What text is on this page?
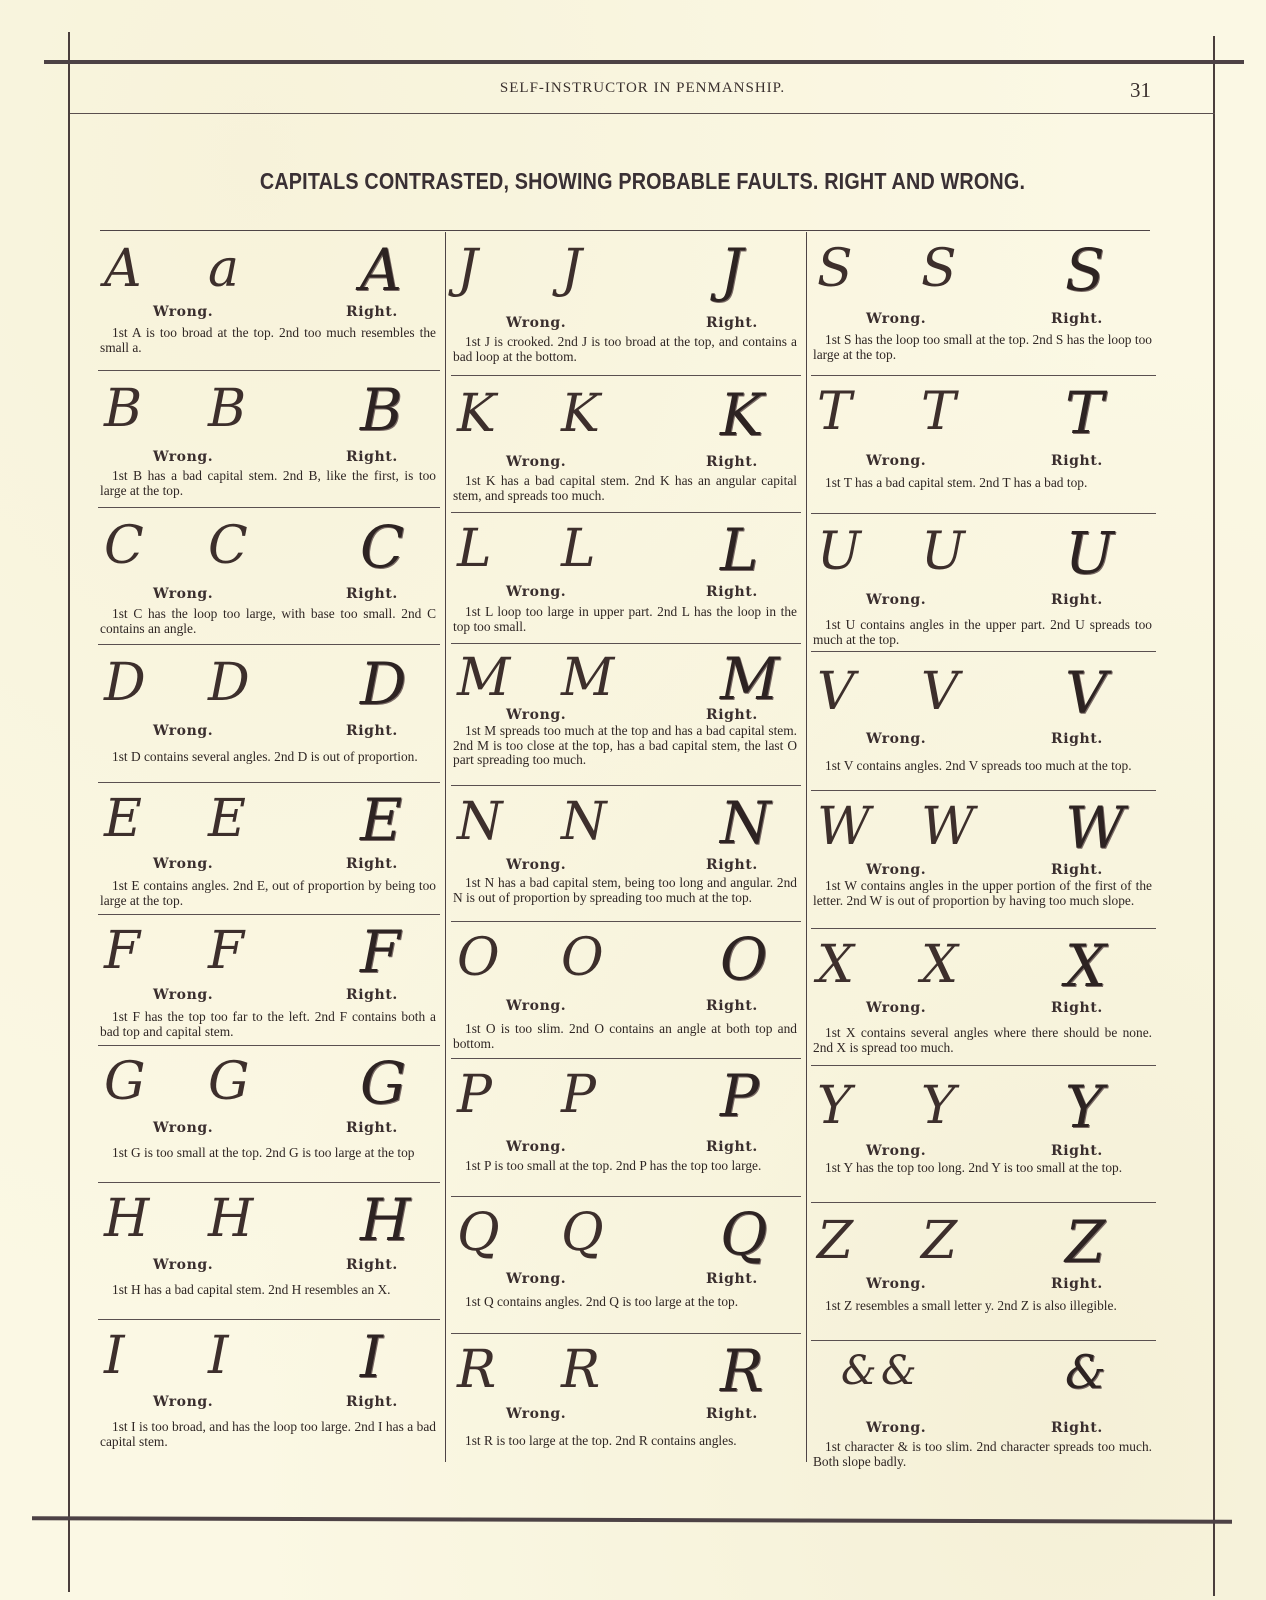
SELF-INSTRUCTOR IN PENMANSHIP.	31
CAPITALS CONTRASTED, SHOWING PROBABLE FAULTS. RIGHT AND WRONG.
A a A
Wrong.	Right.
1st A is too broad at the top. 2nd too much resembles the small a.
B B B
Wrong.	Right.
1st B has a bad capital stem. 2nd B, like the first, is too large at the top.
C C C
Wrong.	Right.
1st C has the loop too large, with base too small. 2nd C contains an angle.
D D D
Wrong.	Right.
1st D contains several angles. 2nd D is out of proportion.
E E E
Wrong.	Right.
1st E contains angles. 2nd E, out of proportion by being too large at the top.
F F F
Wrong.	Right.
1st F has the top too far to the left. 2nd F contains both a bad top and capital stem.
G G G
Wrong.	Right.
1st G is too small at the top. 2nd G is too large at the top
H H H
Wrong.	Right.
1st H has a bad capital stem. 2nd H resembles an X.
I I I
Wrong.	Right.
1st I is too broad, and has the loop too large. 2nd I has a bad capital stem.
J J J
Wrong.	Right.
1st J is crooked. 2nd J is too broad at the top, and contains a bad loop at the bottom.
K K K
Wrong.	Right.
1st K has a bad capital stem. 2nd K has an angular capital stem, and spreads too much.
L L L
Wrong.	Right.
1st L loop too large in upper part. 2nd L has the loop in the top too small.
M M M
Wrong.	Right.
1st M spreads too much at the top and has a bad capital stem. 2nd M is too close at the top, has a bad capital stem, the last O part spreading too much.
N N N
Wrong.	Right.
1st N has a bad capital stem, being too long and angular. 2nd N is out of proportion by spreading too much at the top.
O O O
Wrong.	Right.
1st O is too slim. 2nd O contains an angle at both top and bottom.
P P P
Wrong.	Right.
1st P is too small at the top. 2nd P has the top too large.
Q Q Q
Wrong.	Right.
1st Q contains angles. 2nd Q is too large at the top.
R R R
Wrong.	Right.
1st R is too large at the top. 2nd R contains angles.
S S S
Wrong.	Right.
1st S has the loop too small at the top. 2nd S has the loop too large at the top.
T T T
Wrong.	Right.
1st T has a bad capital stem. 2nd T has a bad top.
U U U
Wrong.	Right.
1st U contains angles in the upper part. 2nd U spreads too much at the top.
V V V
Wrong.	Right.
1st V contains angles. 2nd V spreads too much at the top.
W W W
Wrong.	Right.
1st W contains angles in the upper portion of the first of the letter. 2nd W is out of proportion by having too much slope.
X X X
Wrong.	Right.
1st X contains several angles where there should be none. 2nd X is spread too much.
Y Y Y
Wrong.	Right.
1st Y has the top too long. 2nd Y is too small at the top.
Z Z Z
Wrong.	Right.
1st Z resembles a small letter y. 2nd Z is also illegible.
& &	&
Wrong.	Right.
1st character & is too slim. 2nd character spreads too much. Both slope badly.
